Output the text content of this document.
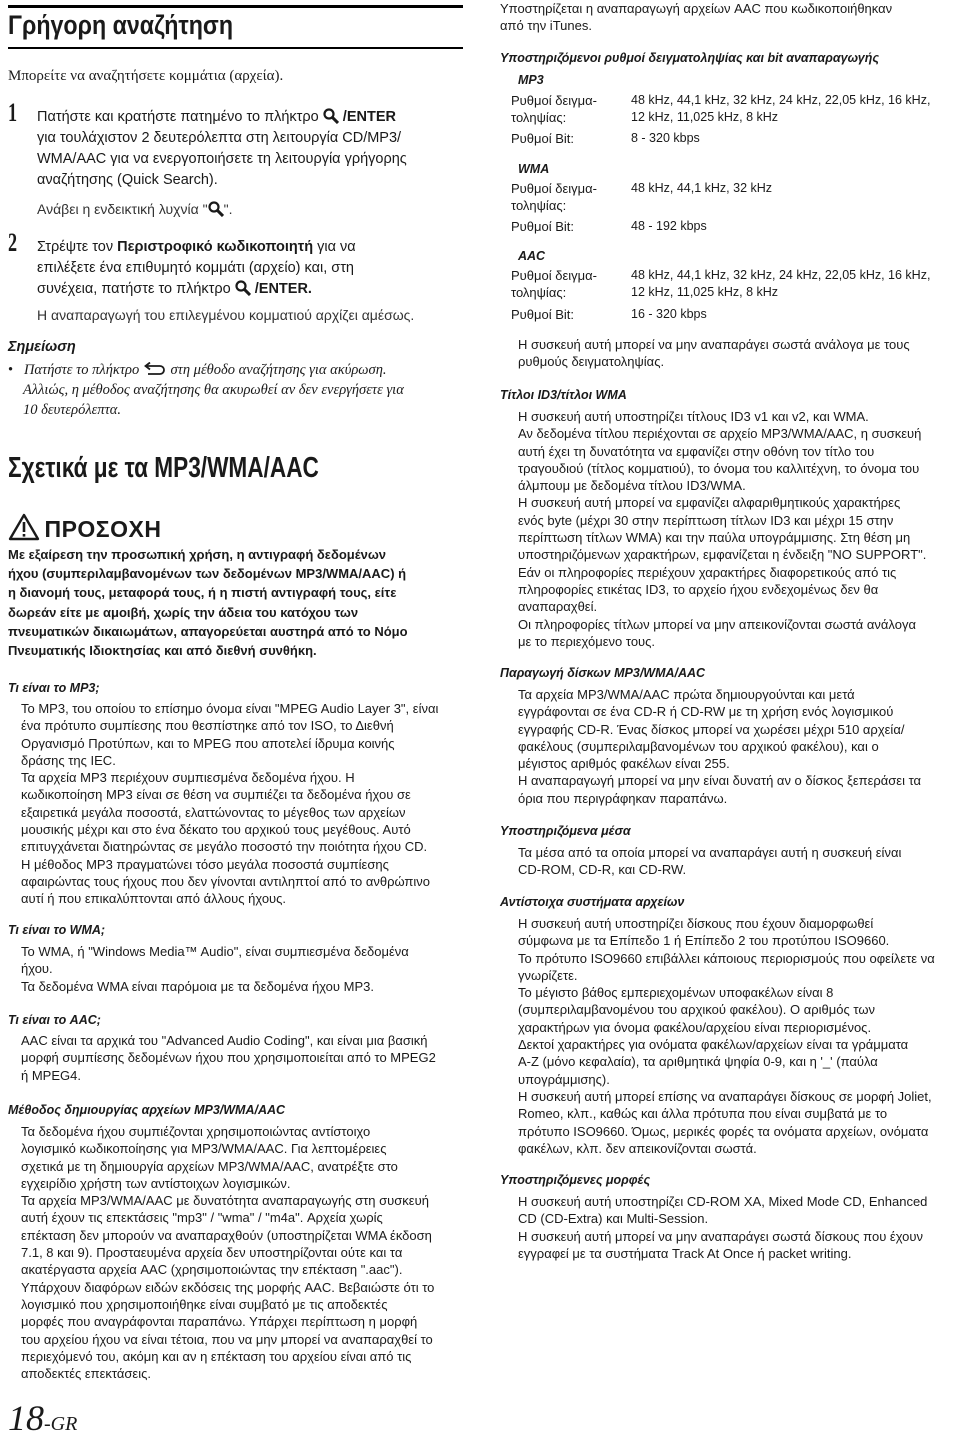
Γρήγορη αναζήτηση
Μπορείτε να αναζητήσετε κομμάτια (αρχεία).
1 Πατήστε και κρατήστε πατημένο το πλήκτρο  /ENTER
για τουλάχιστον 2 δευτερόλεπτα στη λειτουργία CD/MP3/
WMA/AAC για να ενεργοποιήσετε τη λειτουργία γρήγορης
αναζήτησης (Quick Search).
Ανάβει η ενδεικτική λυχνία " ".
2 Στρέψτε τον Περιστροφικό κωδικοποιητή για να
επιλέξετε ένα επιθυμητό κομμάτι (αρχείο) και, στη
συνέχεια, πατήστε το πλήκτρο  /ENTER.
Η αναπαραγωγή του επιλεγμένου κομματιού αρχίζει αμέσως.
Σημείωση
• Πατήστε το πλήκτρο  στη μέθοδο αναζήτησης για ακύρωση.
Αλλιώς, η μέθοδος αναζήτησης θα ακυρωθεί αν δεν ενεργήσετε για
10 δευτερόλεπτα.
Σχετικά με τα MP3/WMA/AAC
ΠΡΟΣΟΧΗ
Με εξαίρεση την προσωπική χρήση, η αντιγραφή δεδομένων
ήχου (συμπεριλαμβανομένων των δεδομένων MP3/WMA/AAC) ή
η διανομή τους, μεταφορά τους, ή η πιστή αντιγραφή τους, είτε
δωρεάν είτε με αμοιβή, χωρίς την άδεια του κατόχου των
πνευματικών δικαιωμάτων, απαγορεύεται αυστηρά από το Νόμο
Πνευματικής Ιδιοκτησίας και από διεθνή συνθήκη.
Τι είναι το MP3;
Το MP3, του οποίου το επίσημο όνομα είναι "MPEG Audio Layer 3", είναι
ένα πρότυπο συμπίεσης που θεσπίστηκε από τον ISO, το Διεθνή
Οργανισμό Προτύπων, και το MPEG που αποτελεί ίδρυμα κοινής
δράσης της IEC.
Τα αρχεία MP3 περιέχουν συμπιεσμένα δεδομένα ήχου. Η
κωδικοποίηση MP3 είναι σε θέση να συμπιέζει τα δεδομένα ήχου σε
εξαιρετικά μεγάλα ποσοστά, ελαττώνοντας το μέγεθος των αρχείων
μουσικής μέχρι και στο ένα δέκατο του αρχικού τους μεγέθους. Αυτό
επιτυγχάνεται διατηρώντας σε μεγάλο ποσοστό την ποιότητα ήχου CD.
Η μέθοδος MP3 πραγματώνει τόσο μεγάλα ποσοστά συμπίεσης
αφαιρώντας τους ήχους που δεν γίνονται αντιληπτοί από το ανθρώπινο
αυτί ή που επικαλύπτονται από άλλους ήχους.
Τι είναι το WMA;
Το WMA, ή "Windows Media™ Audio", είναι συμπιεσμένα δεδομένα
ήχου.
Τα δεδομένα WMA είναι παρόμοια με τα δεδομένα ήχου MP3.
Τι είναι το AAC;
AAC είναι τα αρχικά του "Advanced Audio Coding", και είναι μια βασική
μορφή συμπίεσης δεδομένων ήχου που χρησιμοποιείται από το MPEG2
ή MPEG4.
Μέθοδος δημιουργίας αρχείων MP3/WMA/AAC
Τα δεδομένα ήχου συμπιέζονται χρησιμοποιώντας αντίστοιχο
λογισμικό κωδικοποίησης για MP3/WMA/AAC. Για λεπτομέρειες
σχετικά με τη δημιουργία αρχείων MP3/WMA/AAC, ανατρέξτε στο
εγχειρίδιο χρήστη των αντίστοιχων λογισμικών.
Τα αρχεία MP3/WMA/AAC με δυνατότητα αναπαραγωγής στη συσκευή
αυτή έχουν τις επεκτάσεις "mp3" / "wma" / "m4a". Αρχεία χωρίς
επέκταση δεν μπορούν να αναπαραχθούν (υποστηρίζεται WMA έκδοση
7.1, 8 και 9). Προσταευμένα αρχεία δεν υποστηρίζονται ούτε και τα
ακατέργαστα αρχεία AAC (χρησιμοποιώντας την επέκταση ".aac").
Υπάρχουν διαφόρων ειδών εκδόσεις της μορφής AAC. Βεβαιώστε ότι το
λογισμικό που χρησιμοποιήθηκε είναι συμβατό με τις αποδεκτές
μορφές που αναγράφονται παραπάνω. Υπάρχει περίπτωση η μορφή
του αρχείου ήχου να είναι τέτοια, που να μην μπορεί να αναπαραχθεί το
περιεχόμενό του, ακόμη και αν η επέκταση του αρχείου είναι από τις
αποδεκτές επεκτάσεις.
18-GR
Υποστηρίζεται η αναπαραγωγή αρχείων AAC που κωδικοποιήθηκαν
από την iTunes.
Υποστηριζόμενοι ρυθμοί δειγματοληψίας και bit αναπαραγωγής
MP3
Ρυθμοί δειγμα-
τοληψίας:
48 kHz, 44,1 kHz, 32 kHz, 24 kHz, 22,05 kHz, 16 kHz,
12 kHz, 11,025 kHz, 8 kHz
Ρυθμοί Bit:	8 - 320 kbps
WMA
Ρυθμοί δειγμα-
τοληψίας:
48 kHz, 44,1 kHz, 32 kHz
Ρυθμοί Bit:	48 - 192 kbps
AAC
Ρυθμοί δειγμα-
τοληψίας:
48 kHz, 44,1 kHz, 32 kHz, 24 kHz, 22,05 kHz, 16 kHz,
12 kHz, 11,025 kHz, 8 kHz
Ρυθμοί Bit:	16 - 320 kbps
Η συσκευή αυτή μπορεί να μην αναπαράγει σωστά ανάλογα με τους
ρυθμούς δειγματοληψίας.
Τίτλοι ID3/τίτλοι WMA
Η συσκευή αυτή υποστηρίζει τίτλους ID3 v1 και v2, και WMA.
Αν δεδομένα τίτλου περιέχονται σε αρχείο MP3/WMA/AAC, η συσκευή
αυτή έχει τη δυνατότητα να εμφανίζει στην οθόνη τον τίτλο του
τραγουδιού (τίτλος κομματιού), το όνομα του καλλιτέχνη, το όνομα του
άλμπουμ με δεδομένα τίτλου ID3/WMA.
Η συσκευή αυτή μπορεί να εμφανίζει αλφαριθμητικούς χαρακτήρες
ενός byte (μέχρι 30 στην περίπτωση τίτλων ID3 και μέχρι 15 στην
περίπτωση τίτλων WMA) και την παύλα υπογράμμισης. Στη θέση μη
υποστηριζόμενων χαρακτήρων, εμφανίζεται η ένδειξη "NO SUPPORT".
Εάν οι πληροφορίες περιέχουν χαρακτήρες διαφορετικούς από τις
πληροφορίες ετικέτας ID3, το αρχείο ήχου ενδεχομένως δεν θα
αναπαραχθεί.
Οι πληροφορίες τίτλων μπορεί να μην απεικονίζονται σωστά ανάλογα
με το περιεχόμενο τους.
Παραγωγή δίσκων MP3/WMA/AAC
Τα αρχεία MP3/WMA/AAC πρώτα δημιουργούνται και μετά
εγγράφονται σε ένα CD-R ή CD-RW με τη χρήση ενός λογισμικού
εγγραφής CD-R. Ένας δίσκος μπορεί να χωρέσει μέχρι 510 αρχεία/
φακέλους (συμπεριλαμβανομένων του αρχικού φακέλου), και ο
μέγιστος αριθμός φακέλων είναι 255.
Η αναπαραγωγή μπορεί να μην είναι δυνατή αν ο δίσκος ξεπεράσει τα
όρια που περιγράφηκαν παραπάνω.
Υποστηριζόμενα μέσα
Τα μέσα από τα οποία μπορεί να αναπαράγει αυτή η συσκευή είναι
CD-ROM, CD-R, και CD-RW.
Αντίστοιχα συστήματα αρχείων
Η συσκευή αυτή υποστηρίζει δίσκους που έχουν διαμορφωθεί
σύμφωνα με τα Επίπεδο 1 ή Επίπεδο 2 του προτύπου ISO9660.
Το πρότυπο ISO9660 επιβάλλει κάποιους περιορισμούς που οφείλετε να
γνωρίζετε.
Το μέγιστο βάθος εμπεριεχομένων υποφακέλων είναι 8
(συμπεριλαμβανομένου του αρχικού φακέλου). Ο αριθμός των
χαρακτήρων για όνομα φακέλου/αρχείου είναι περιορισμένος.
Δεκτοί χαρακτήρες για ονόματα φακέλων/αρχείων είναι τα γράμματα
A-Z (μόνο κεφαλαία), τα αριθμητικά ψηφία 0-9, και η '_' (παύλα
υπογράμμισης).
Η συσκευή αυτή μπορεί επίσης να αναπαράγει δίσκους σε μορφή Joliet,
Romeo, κλπ., καθώς και άλλα πρότυπα που είναι συμβατά με το
πρότυπο ISO9660. Όμως, μερικές φορές τα ονόματα αρχείων, ονόματα
φακέλων, κλπ. δεν απεικονίζονται σωστά.
Υποστηριζόμενες μορφές
Η συσκευή αυτή υποστηρίζει CD-ROM XA, Mixed Mode CD, Enhanced
CD (CD-Extra) και Multi-Session.
Η συσκευή αυτή μπορεί να μην αναπαράγει σωστά δίσκους που έχουν
εγγραφεί με τα συστήματα Track At Once ή packet writing.
